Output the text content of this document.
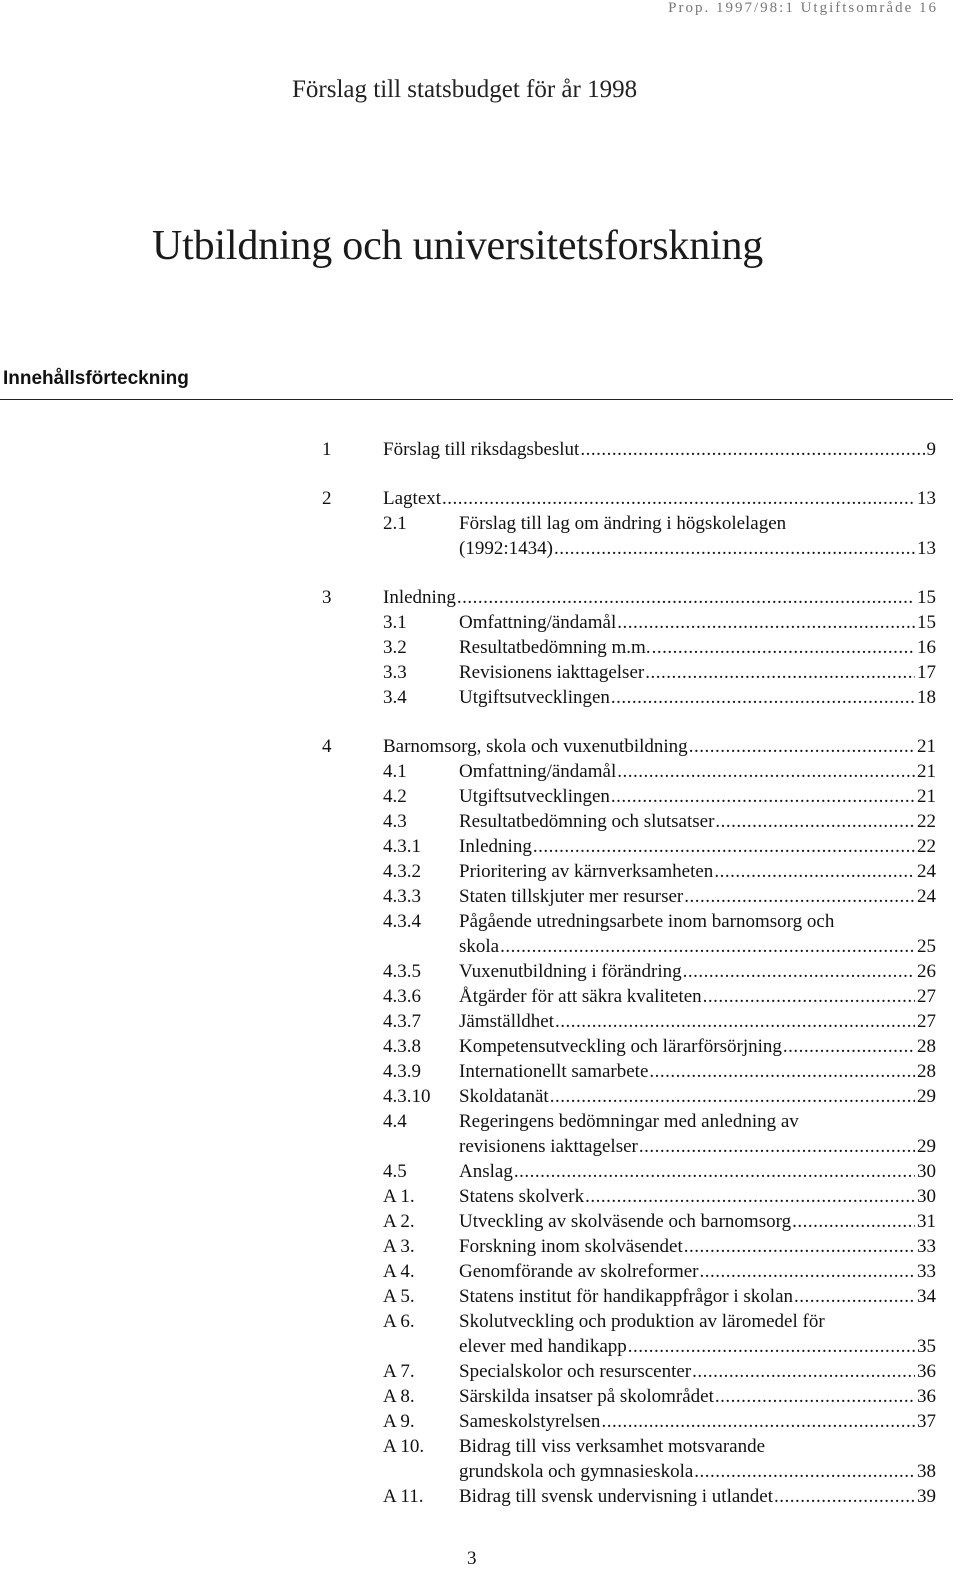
Prop. 1997/98:1 Utgiftsområde 16
Förslag till statsbudget för år 1998
Utbildning och universitetsforskning
Innehållsförteckning
1	Förslag till riksdagsbeslut .....	9
2	Lagtext .....	13
2.1	Förslag till lag om ändring i högskolelagen
(1992:1434) .....	13
3	Inledning .....	15
3.1	Omfattning/ändamål .....	15
3.2	Resultatbedömning m.m. .....	16
3.3	Revisionens iakttagelser .....	17
3.4	Utgiftsutvecklingen .....	18
4	Barnomsorg, skola och vuxenutbildning .....	21
4.1	Omfattning/ändamål .....	21
4.2	Utgiftsutvecklingen .....	21
4.3	Resultatbedömning och slutsatser .....	22
4.3.1 Inledning .....	22
4.3.2 Prioritering av kärnverksamheten .....	24
4.3.3 Staten tillskjuter mer resurser .....	24
4.3.4 Pågående utredningsarbete inom barnomsorg och
skola .....	25
4.3.5 Vuxenutbildning i förändring .....	26
4.3.6 Åtgärder för att säkra kvaliteten .....	27
4.3.7 Jämställdhet .....	27
4.3.8 Kompetensutveckling och lärarförsörjning .....	28
4.3.9 Internationellt samarbete .....	28
4.3.10 Skoldatanät .....	29
4.4	Regeringens bedömningar med anledning av
revisionens iakttagelser .....	29
4.5	Anslag .....	30
A 1. Statens skolverk .....	30
A 2. Utveckling av skolväsende och barnomsorg .....	31
A 3. Forskning inom skolväsendet .....	33
A 4. Genomförande av skolreformer .....	33
A 5. Statens institut för handikappfrågor i skolan .....	34
A 6. Skolutveckling och produktion av läromedel för
elever med handikapp .....	35
A 7. Specialskolor och resurscenter .....	36
A 8. Särskilda insatser på skolområdet .....	36
A 9. Sameskolstyrelsen .....	37
A 10. Bidrag till viss verksamhet motsvarande
grundskola och gymnasieskola .....	38
A 11. Bidrag till svensk undervisning i utlandet .....	39
3
